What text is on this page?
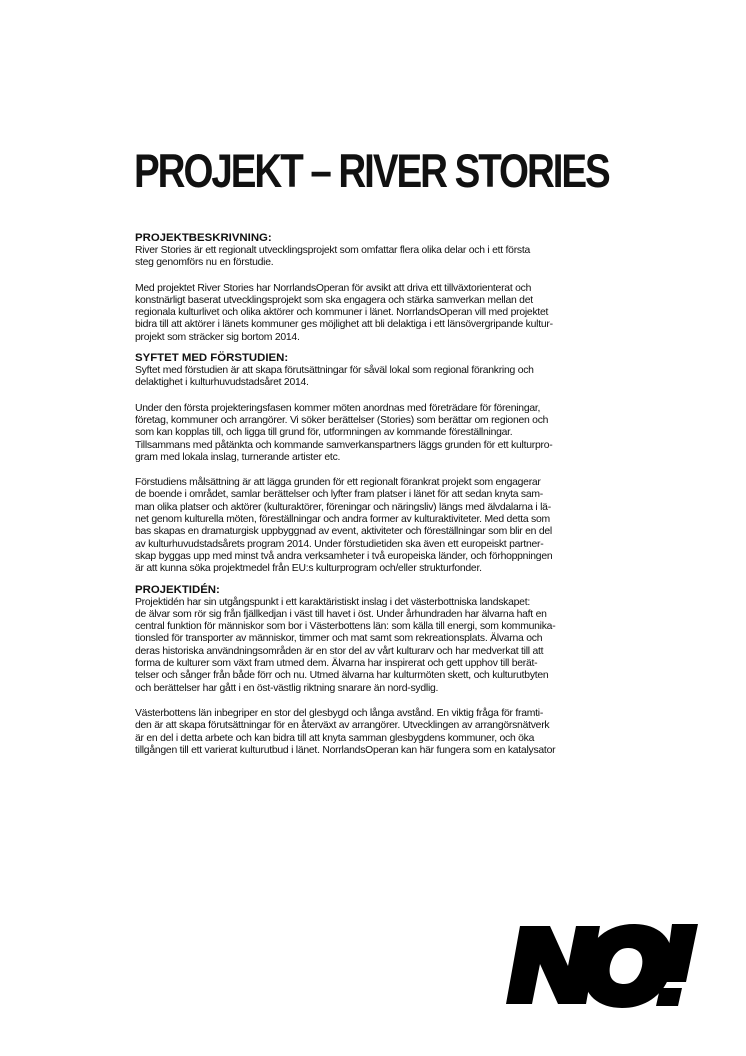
PROJEKT – RIVER STORIES
PROJEKTBESKRIVNING:

River Stories är ett regionalt utvecklingsprojekt som omfattar flera olika delar och i ett första
steg genomförs nu en förstudie.

Med projektet River Stories har NorrlandsOperan för avsikt att driva ett tillväxtorienterat och
konstnärligt baserat utvecklingsprojekt som ska engagera och stärka samverkan mellan det
regionala kulturlivet och olika aktörer och kommuner i länet. NorrlandsOperan vill med projektet
bidra till att aktörer i länets kommuner ges möjlighet att bli delaktiga i ett länsövergripande kultur-
projekt som sträcker sig bortom 2014.

SYFTET MED FÖRSTUDIEN:

Syftet med förstudien är att skapa förutsättningar för såväl lokal som regional förankring och
delaktighet i kulturhuvudstadsåret 2014.

Under den första projekteringsfasen kommer möten anordnas med företrädare för föreningar,
företag, kommuner och arrangörer. Vi söker berättelser (Stories) som berättar om regionen och
som kan kopplas till, och ligga till grund för, utformningen av kommande föreställningar.
Tillsammans med påtänkta och kommande samverkanspartners läggs grunden för ett kulturpro-
gram med lokala inslag, turnerande artister etc.

Förstudiens målsättning är att lägga grunden för ett regionalt förankrat projekt som engagerar
de boende i området, samlar berättelser och lyfter fram platser i länet för att sedan knyta sam-
man olika platser och aktörer (kulturaktörer, föreningar och näringsliv) längs med älvdalarna i lä-
net genom kulturella möten, föreställningar och andra former av kulturaktiviteter. Med detta som
bas skapas en dramaturgisk uppbyggnad av event, aktiviteter och föreställningar som blir en del
av kulturhuvudstadsårets program 2014. Under förstudietiden ska även ett europeiskt partner-
skap byggas upp med minst två andra verksamheter i två europeiska länder, och förhoppningen
är att kunna söka projektmedel från EU:s kulturprogram och/eller strukturfonder.

PROJEKTIDÉN:

Projektidén har sin utgångspunkt i ett karaktäristiskt inslag i det västerbottniska landskapet:
de älvar som rör sig från fjällkedjan i väst till havet i öst. Under århundraden har älvarna haft en
central funktion för människor som bor i Västerbottens län: som källa till energi, som kommunika-
tionsled för transporter av människor, timmer och mat samt som rekreationsplats. Älvarna och
deras historiska användningsområden är en stor del av vårt kulturarv och har medverkat till att
forma de kulturer som växt fram utmed dem. Älvarna har inspirerat och gett upphov till berät-
telser och sånger från både förr och nu. Utmed älvarna har kulturmöten skett, och kulturutbyten
och berättelser har gått i en öst-västlig riktning snarare än nord-sydlig.

Västerbottens län inbegriper en stor del glesbygd och långa avstånd. En viktig fråga för framti-
den är att skapa förutsättningar för en återväxt av arrangörer. Utvecklingen av arrangörsnätverk
är en del i detta arbete och kan bidra till att knyta samman glesbygdens kommuner, och öka
tillgången till ett varierat kulturutbud i länet. NorrlandsOperan kan här fungera som en katalysator
